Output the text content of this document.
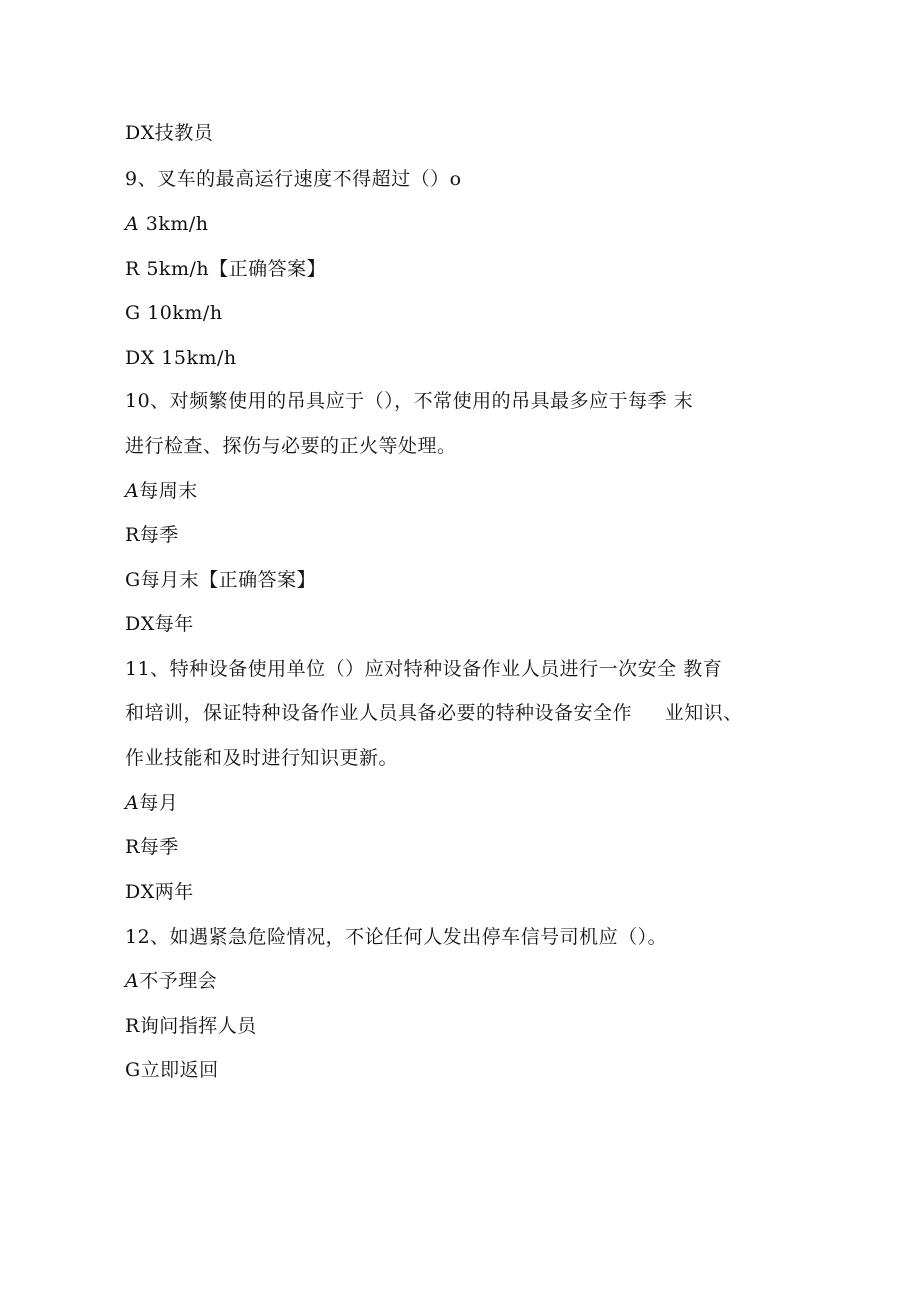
DX技教员
9、叉车的最高运行速度不得超过（）o
A 3km/h
R 5km/h【正确答案】
G 10km/h
DX 15km/h
10、对频繁使用的吊具应于（），不常使用的吊具最多应于每季 末
进行检查、探伤与必要的正火等处理。
A每周末
R每季
G每月末【正确答案】
DX每年
11、特种设备使用单位（）应对特种设备作业人员进行一次安全 教育
和培训，保证特种设备作业人员具备必要的特种设备安全作     业知识、
作业技能和及时进行知识更新。
A每月
R每季
DX两年
12、如遇紧急危险情况，不论任何人发出停车信号司机应（）。
A不予理会
R询问指挥人员
G立即返回
